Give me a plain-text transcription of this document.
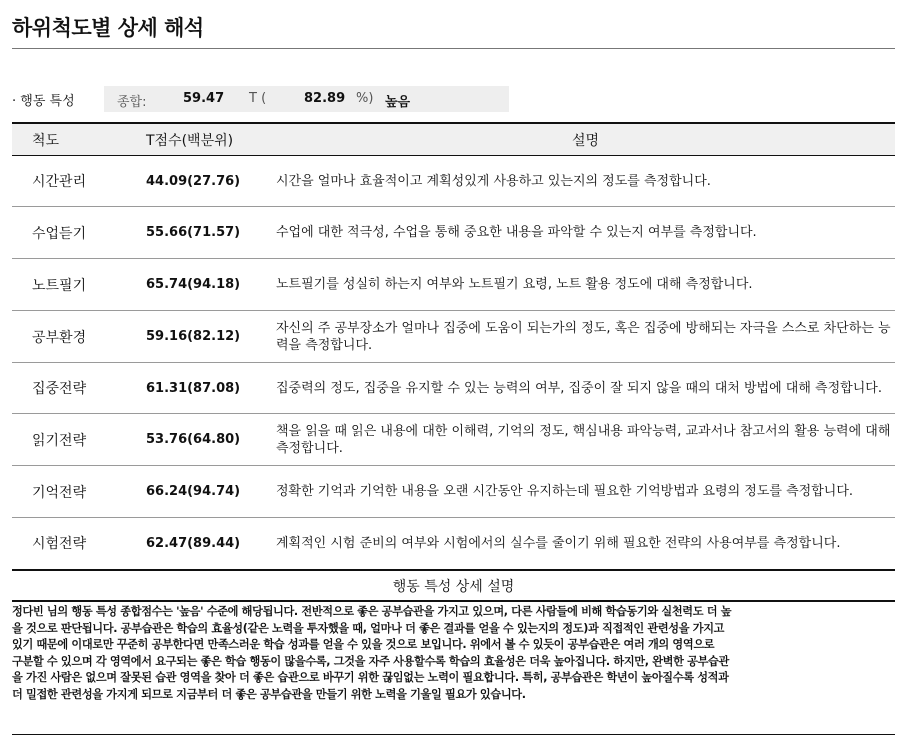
하위척도별 상세 해석
· 행동 특성	종합:	59.47 T (	82.89 %) 높음
척도	T점수(백분위)	설명
시간관리	44.09(27.76)	시간을 얼마나 효율적이고 계획성있게 사용하고 있는지의 정도를 측정합니다.
수업듣기	55.66(71.57)	수업에 대한 적극성, 수업을 통해 중요한 내용을 파악할 수 있는지 여부를 측정합니다.
노트필기	65.74(94.18)	노트필기를 성실히 하는지 여부와 노트필기 요령, 노트 활용 정도에 대해 측정합니다.
공부환경	59.16(82.12)	자신의 주 공부장소가 얼마나 집중에 도움이 되는가의 정도, 혹은 집중에 방해되는 자극을 스스로 차단하는 능력을 측정합니다.
집중전략	61.31(87.08)	집중력의 정도, 집중을 유지할 수 있는 능력의 여부, 집중이 잘 되지 않을 때의 대처 방법에 대해 측정합니다.
읽기전략	53.76(64.80)	책을 읽을 때 읽은 내용에 대한 이해력, 기억의 정도, 핵심내용 파악능력, 교과서나 참고서의 활용 능력에 대해 측정합니다.
기억전략	66.24(94.74)	정확한 기억과 기억한 내용을 오랜 시간동안 유지하는데 필요한 기억방법과 요령의 정도를 측정합니다.
시험전략	62.47(89.44)	계획적인 시험 준비의 여부와 시험에서의 실수를 줄이기 위해 필요한 전략의 사용여부를 측정합니다.
행동 특성 상세 설명
정다빈 님의 행동 특성 종합점수는 '높음' 수준에 해당됩니다. 전반적으로 좋은 공부습관을 가지고 있으며, 다른 사람들에 비해 학습동기와 실천력도 더 높
을 것으로 판단됩니다. 공부습관은 학습의 효율성(같은 노력을 투자했을 때, 얼마나 더 좋은 결과를 얻을 수 있는지의 정도)과 직접적인 관련성을 가지고
있기 때문에 이대로만 꾸준히 공부한다면 만족스러운 학습 성과를 얻을 수 있을 것으로 보입니다. 위에서 볼 수 있듯이 공부습관은 여러 개의 영역으로
구분할 수 있으며 각 영역에서 요구되는 좋은 학습 행동이 많을수록, 그것을 자주 사용할수록 학습의 효율성은 더욱 높아집니다. 하지만, 완벽한 공부습관
을 가진 사람은 없으며 잘못된 습관 영역을 찾아 더 좋은 습관으로 바꾸기 위한 끊임없는 노력이 필요합니다. 특히, 공부습관은 학년이 높아질수록 성적과
더 밀접한 관련성을 가지게 되므로 지금부터 더 좋은 공부습관을 만들기 위한 노력을 기울일 필요가 있습니다.
